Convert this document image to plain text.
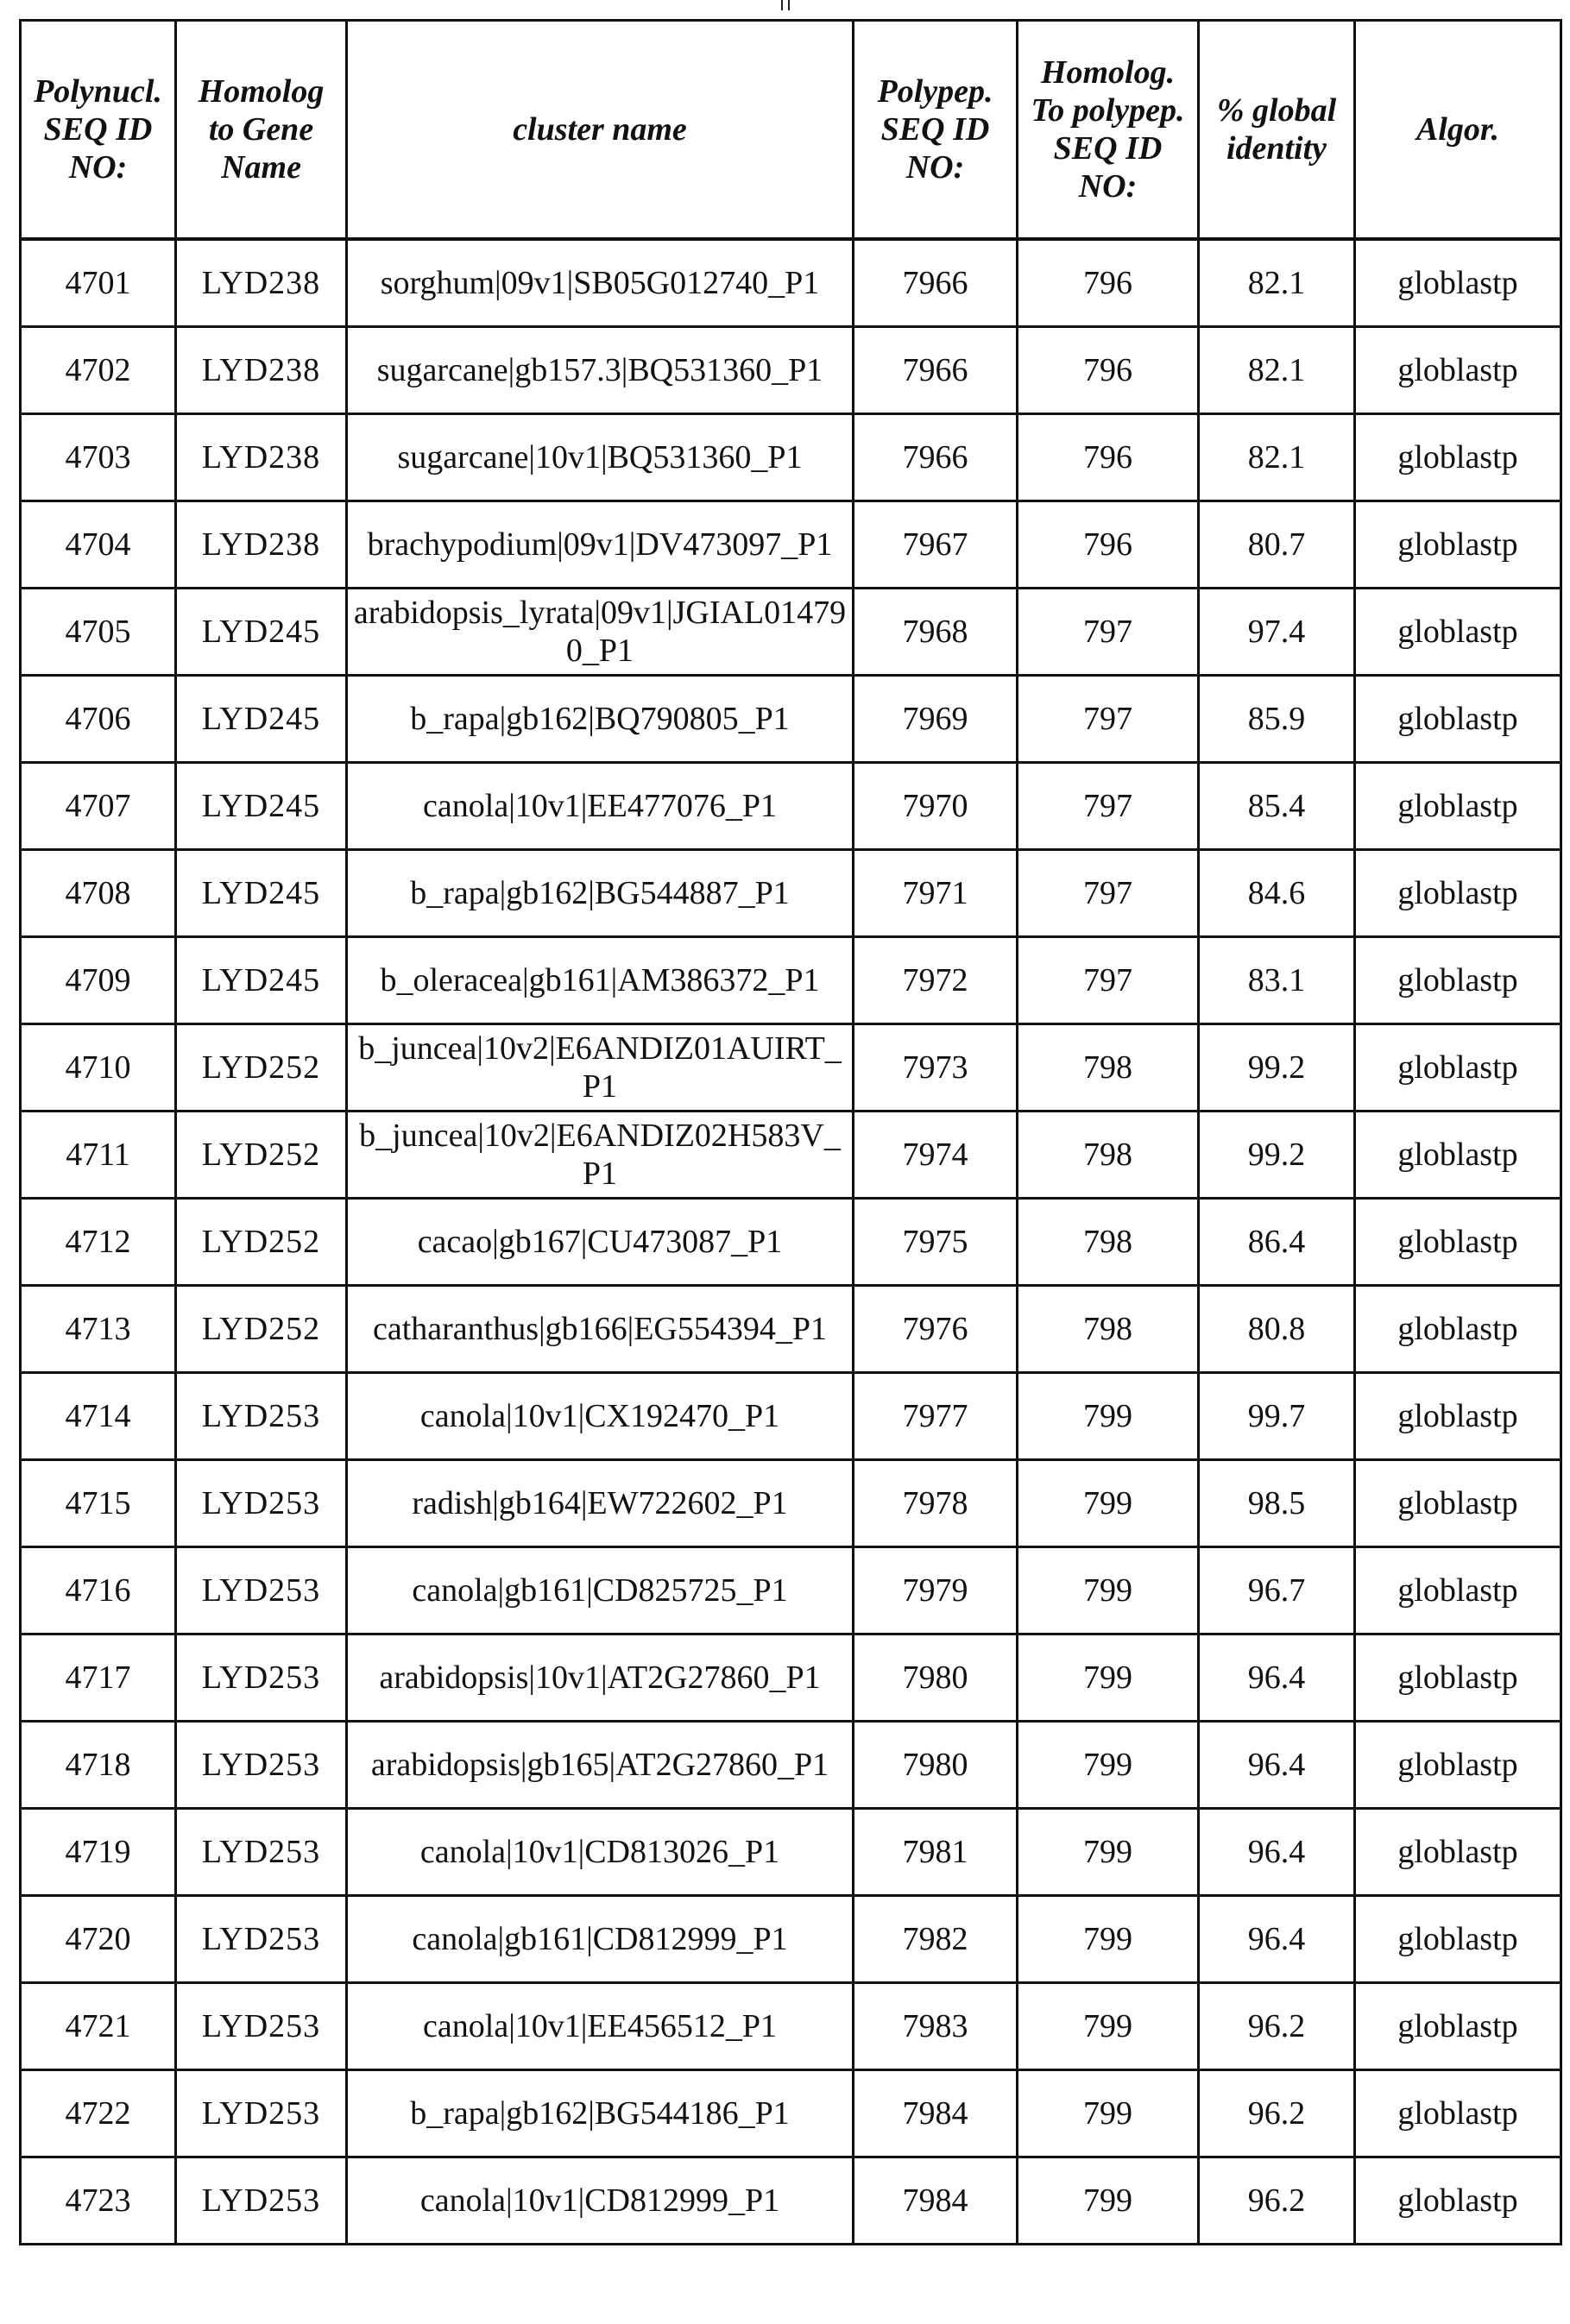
Polynucl. SEQ ID NO:	Homolog to Gene Name	cluster name	Polypep. SEQ ID NO:	Homolog. To polypep. SEQ ID NO:	% global identity	Algor.
4701	LYD238	sorghum|09v1|SB05G012740_P1	7966	796	82.1	globlastp
4702	LYD238	sugarcane|gb157.3|BQ531360_P1	7966	796	82.1	globlastp
4703	LYD238	sugarcane|10v1|BQ531360_P1	7966	796	82.1	globlastp
4704	LYD238	brachypodium|09v1|DV473097_P1	7967	796	80.7	globlastp
4705	LYD245	arabidopsis_lyrata|09v1|JGIAL014790_P1	7968	797	97.4	globlastp
4706	LYD245	b_rapa|gb162|BQ790805_P1	7969	797	85.9	globlastp
4707	LYD245	canola|10v1|EE477076_P1	7970	797	85.4	globlastp
4708	LYD245	b_rapa|gb162|BG544887_P1	7971	797	84.6	globlastp
4709	LYD245	b_oleracea|gb161|AM386372_P1	7972	797	83.1	globlastp
4710	LYD252	b_juncea|10v2|E6ANDIZ01AUIRT_P1	7973	798	99.2	globlastp
4711	LYD252	b_juncea|10v2|E6ANDIZ02H583V_P1	7974	798	99.2	globlastp
4712	LYD252	cacao|gb167|CU473087_P1	7975	798	86.4	globlastp
4713	LYD252	catharanthus|gb166|EG554394_P1	7976	798	80.8	globlastp
4714	LYD253	canola|10v1|CX192470_P1	7977	799	99.7	globlastp
4715	LYD253	radish|gb164|EW722602_P1	7978	799	98.5	globlastp
4716	LYD253	canola|gb161|CD825725_P1	7979	799	96.7	globlastp
4717	LYD253	arabidopsis|10v1|AT2G27860_P1	7980	799	96.4	globlastp
4718	LYD253	arabidopsis|gb165|AT2G27860_P1	7980	799	96.4	globlastp
4719	LYD253	canola|10v1|CD813026_P1	7981	799	96.4	globlastp
4720	LYD253	canola|gb161|CD812999_P1	7982	799	96.4	globlastp
4721	LYD253	canola|10v1|EE456512_P1	7983	799	96.2	globlastp
4722	LYD253	b_rapa|gb162|BG544186_P1	7984	799	96.2	globlastp
4723	LYD253	canola|10v1|CD812999_P1	7984	799	96.2	globlastp
